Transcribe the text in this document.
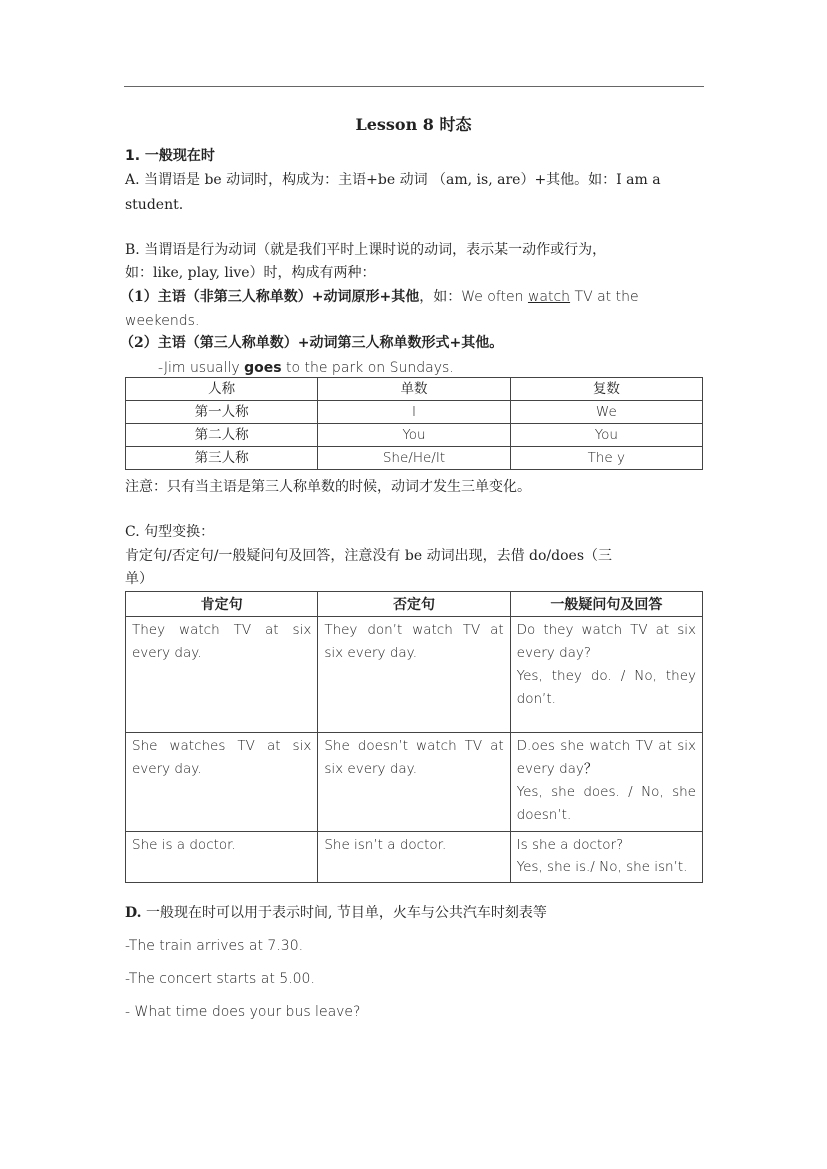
Lesson 8 时态
1. 一般现在时
A. 当谓语是 be 动词时，构成为：主语+be 动词 （am, is, are）+其他。如：I am a
student.
B. 当谓语是行为动词（就是我们平时上课时说的动词，表示某一动作或行为，
如：like, play, live）时，构成有两种：
（1）主语（非第三人称单数）+动词原形+其他，如：We often watch TV at the
weekends.
（2）主语（第三人称单数）+动词第三人称单数形式+其他。
-Jim usually goes to the park on Sundays.
人称	单数	复数
第一人称	I	We
第二人称	You	You
第三人称	She/He/It	The y
注意：只有当主语是第三人称单数的时候，动词才发生三单变化。
C. 句型变换：
肯定句/否定句/一般疑问句及回答，注意没有 be 动词出现，去借 do/does（三
单）
肯定句	否定句	一般疑问句及回答
They watch TV at six every day.	They don’t watch TV at six every day.	Do they watch TV at six every day?
Yes, they do. / No, they don’t.

She watches TV at six every day.	She doesn’t watch TV at six every day.	D.oes she watch TV at six every day？
Yes, she does. / No, she doesn’t.

She is a doctor.	She isn’t a doctor.	Is she a doctor?
Yes, she is./ No, she isn’t.
D. 一般现在时可以用于表示时间, 节目单，火车与公共汽车时刻表等
-The train arrives at 7.30.
-The concert starts at 5.00.
- What time does your bus leave?
